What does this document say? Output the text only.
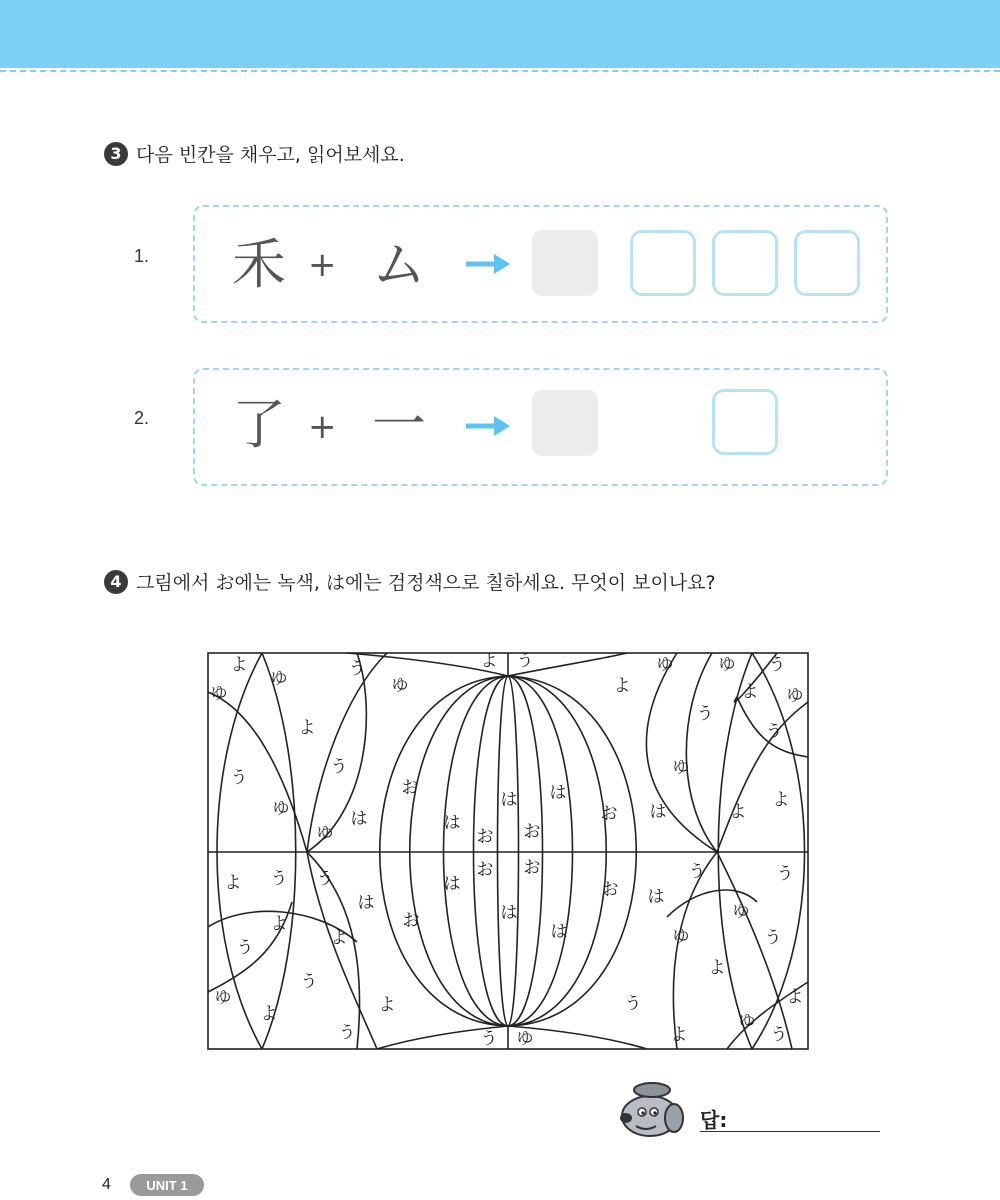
3 다음 빈칸을 채우고, 읽어보세요.
1. 禾 + ム
2. 了 + 一
4 그림에서 お에는 녹색, は에는 검정색으로 칠하세요. 무엇이 보이나요?
よ
ゆ
ゆ	う
ゆ
よ う
よ
ゆ	ゆ う
よ ゆ
う
う
よ
う
う	ゆ
お	は
は
ゆ	は	は	お は	よ
よ
ゆ	お お
お お
よ う う	う	う
は	お は
は
よ	お	は	ゆ
よ	は	ゆ	う
う
よ
う
ゆ	よ	う	よ
よ	ゆ
う	う ゆ	よ	う
답:
4	UNIT 1
